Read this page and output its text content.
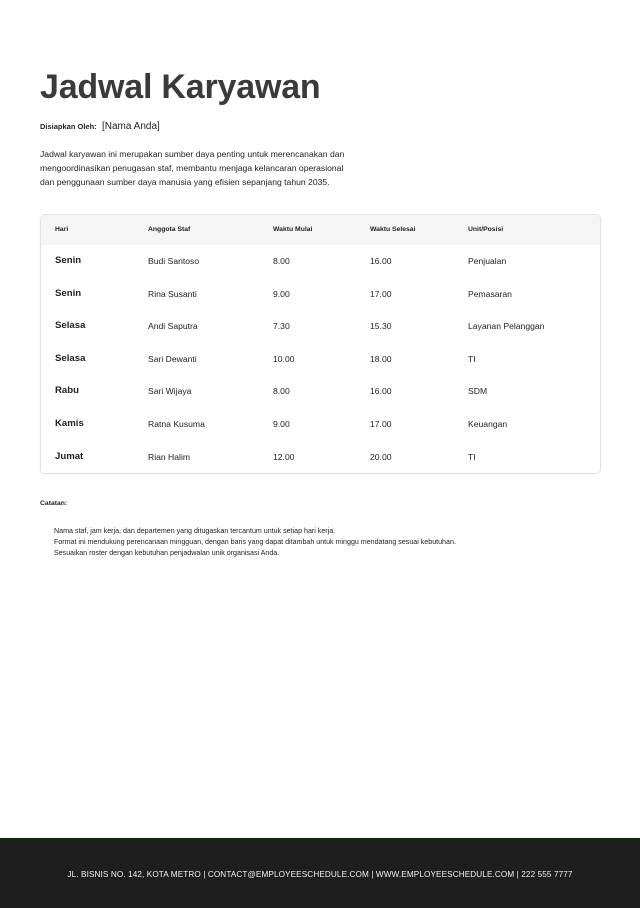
Jadwal Karyawan
Disiapkan Oleh: [Nama Anda]

Jadwal karyawan ini merupakan sumber daya penting untuk merencanakan dan mengoordinasikan penugasan staf, membantu menjaga kelancaran operasional dan penggunaan sumber daya manusia yang efisien sepanjang tahun 2035.

Hari	Anggota Staf	Waktu Mulai	Waktu Selesai	Unit/Posisi
Senin	Budi Santoso	8.00	16.00	Penjualan
Senin	Rina Susanti	9.00	17.00	Pemasaran
Selasa	Andi Saputra	7.30	15.30	Layanan Pelanggan
Selasa	Sari Dewanti	10.00	18.00	TI
Rabu	Sari Wijaya	8.00	16.00	SDM
Kamis	Ratna Kusuma	9.00	17.00	Keuangan
Jumat	Rian Halim	12.00	20.00	TI
Catatan:
Nama staf, jam kerja, dan departemen yang ditugaskan tercantum untuk setiap hari kerja.
Format ini mendukung perencanaan mingguan, dengan baris yang dapat ditambah untuk minggu mendatang sesuai kebutuhan.
Sesuaikan roster dengan kebutuhan penjadwalan unik organisasi Anda.
JL. BISNIS NO. 142, KOTA METRO | CONTACT@EMPLOYEESCHEDULE.COM | WWW.EMPLOYEESCHEDULE.COM | 222 555 7777
